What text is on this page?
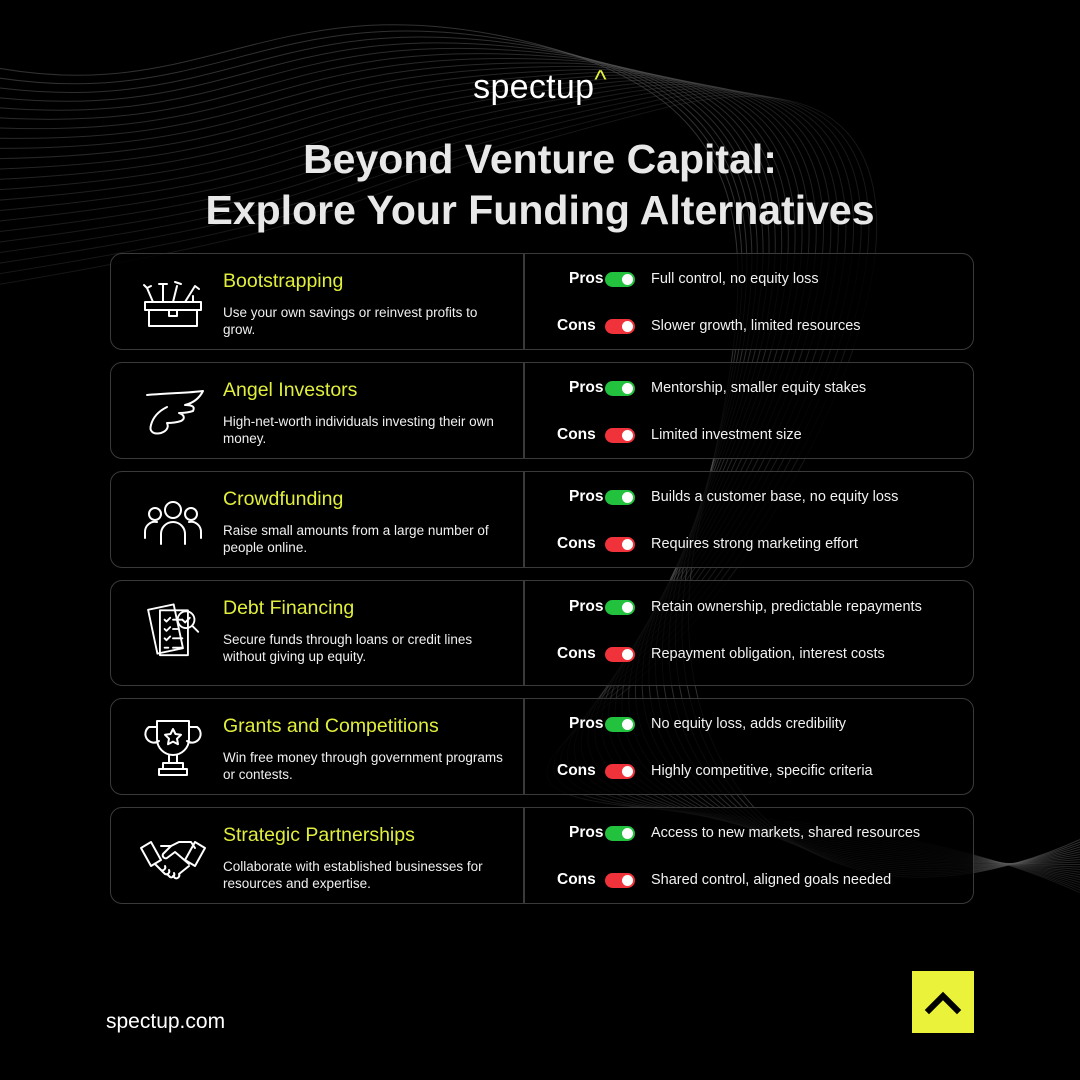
spectup^
Beyond Venture Capital:
Explore Your Funding Alternatives
Bootstrapping
Use your own savings or reinvest profits to grow.
Pros	Full control, no equity loss
Cons	Slower growth, limited resources
Angel Investors
High-net-worth individuals investing their own money.
Pros	Mentorship, smaller equity stakes
Cons	Limited investment size
Crowdfunding
Raise small amounts from a large number of people online.
Pros	Builds a customer base, no equity loss
Cons	Requires strong marketing effort
Debt Financing
Secure funds through loans or credit lines without giving up equity.
Pros	Retain ownership, predictable repayments
Cons	Repayment obligation, interest costs
Grants and Competitions
Win free money through government programs or contests.
Pros	No equity loss, adds credibility
Cons	Highly competitive, specific criteria
Strategic Partnerships
Collaborate with established businesses for resources and expertise.
Pros	Access to new markets, shared resources
Cons	Shared control, aligned goals needed
spectup.com
